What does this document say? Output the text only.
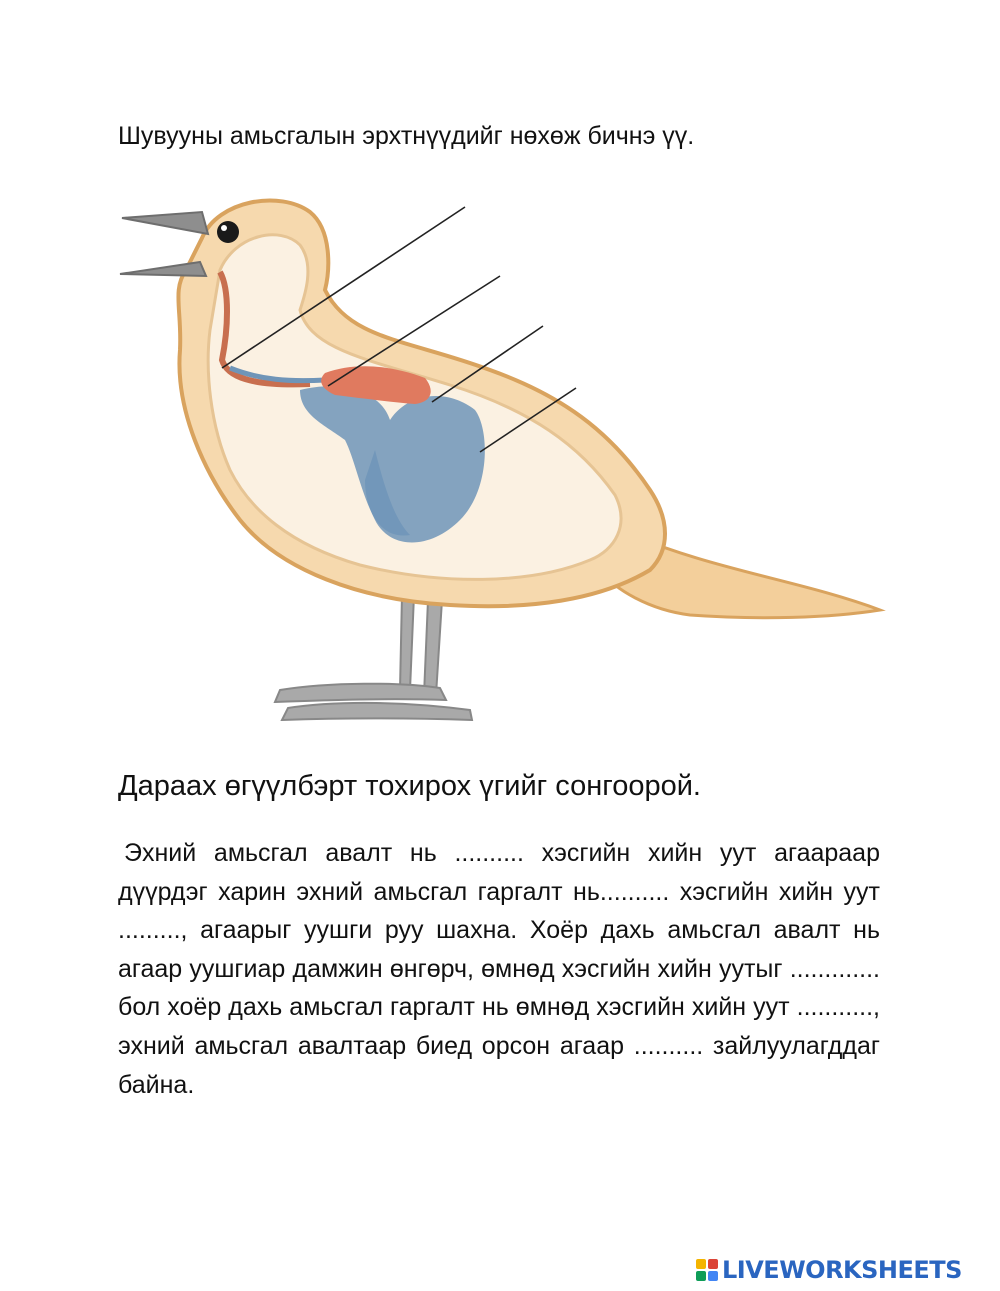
Шувууны амьсгалын эрхтнүүдийг нөхөж бичнэ үү.
Дараах өгүүлбэрт тохирох үгийг сонгоорой.

Эхний амьсгал авалт нь .......... хэсгийн хийн уут агаараар дүүрдэг харин эхний амьсгал гаргалт нь.......... хэсгийн хийн уут ........., агаарыг уушги руу шахна. Хоёр дахь амьсгал авалт нь агаар уушгиар дамжин өнгөрч, өмнөд хэсгийн хийн уутыг ............. бол хоёр дахь амьсгал гаргалт нь өмнөд хэсгийн хийн уут ..........., эхний амьсгал авалтаар биед орсон агаар .......... зайлуулагддаг байна.

LIVEWORKSHEETS
